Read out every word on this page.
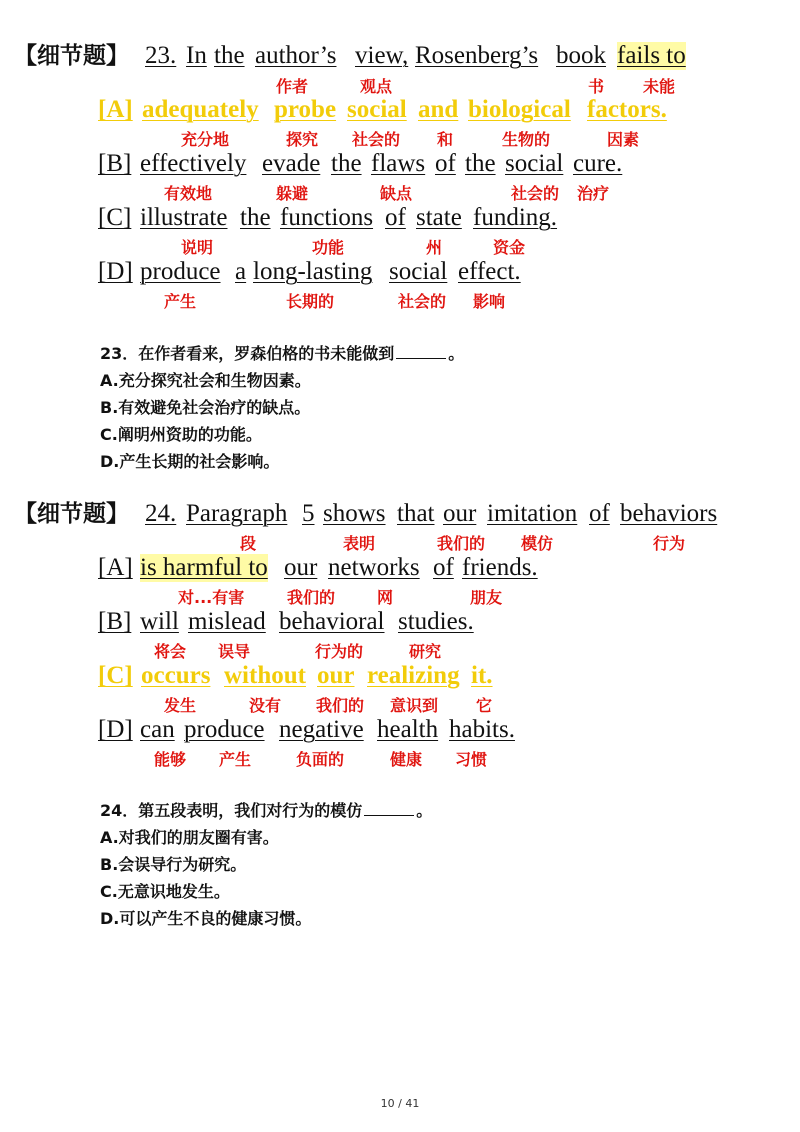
【细节题】 23. In the author’s view, Rosenberg’s book fails to
作者	观点	书 未能
[A] adequately probe social and biological factors.
充分地	探究 社会的 和	生物的	因素
[B] effectively evade the flaws of the social cure.
有效地	躲避	缺点	社会的 治疗
[C] illustrate the functions of state funding.
说明	功能	州	资金
[D] produce a long-lasting social effect.
产生	长期的	社会的 影响
23．在作者看来，罗森伯格的书未能做到	。
A.充分探究社会和生物因素。
B.有效避免社会治疗的缺点。
C.阐明州资助的功能。
D.产生长期的社会影响。
【细节题】 24. Paragraph 5 shows that our imitation of behaviors
段	表明	我们的 模仿	行为
[A] is harmful to our networks of friends.
对...有害	我们的	网	朋友
[B] will mislead behavioral studies.
将会 误导	行为的	研究
[C] occurs without our realizing it.
发生	没有 我们的 意识到 它
[D] can produce negative health habits.
能够 产生	负面的	健康 习惯
24．第五段表明，我们对行为的模仿	。
A.对我们的朋友圈有害。
B.会误导行为研究。
C.无意识地发生。
D.可以产生不良的健康习惯。
10 / 41
